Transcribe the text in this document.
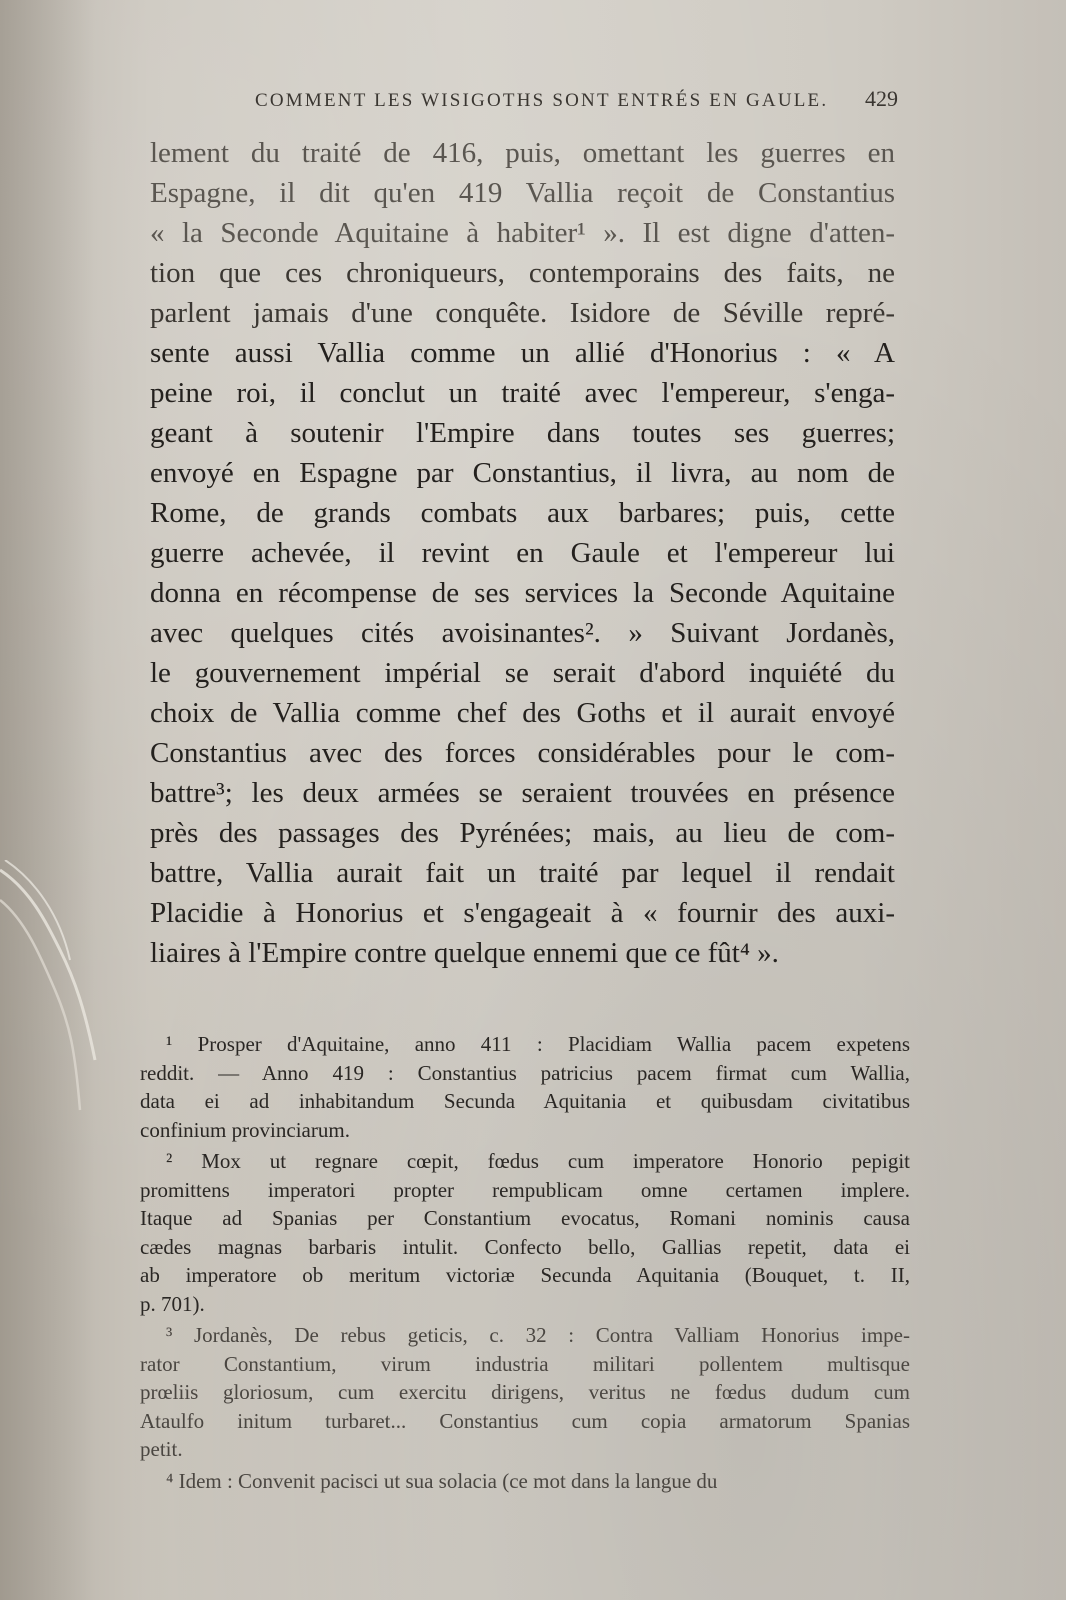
COMMENT LES WISIGOTHS SONT ENTRÉS EN GAULE. 429
lement du traité de 416, puis, omettant les guerres en
Espagne, il dit qu'en 419 Vallia reçoit de Constantius
« la Seconde Aquitaine à habiter¹ ». Il est digne d'atten-
tion que ces chroniqueurs, contemporains des faits, ne
parlent jamais d'une conquête. Isidore de Séville repré-
sente aussi Vallia comme un allié d'Honorius : « A
peine roi, il conclut un traité avec l'empereur, s'enga-
geant à soutenir l'Empire dans toutes ses guerres;
envoyé en Espagne par Constantius, il livra, au nom de
Rome, de grands combats aux barbares; puis, cette
guerre achevée, il revint en Gaule et l'empereur lui
donna en récompense de ses services la Seconde Aquitaine
avec quelques cités avoisinantes². » Suivant Jordanès,
le gouvernement impérial se serait d'abord inquiété du
choix de Vallia comme chef des Goths et il aurait envoyé
Constantius avec des forces considérables pour le com-
battre³; les deux armées se seraient trouvées en présence
près des passages des Pyrénées; mais, au lieu de com-
battre, Vallia aurait fait un traité par lequel il rendait
Placidie à Honorius et s'engageait à « fournir des auxi-
liaires à l'Empire contre quelque ennemi que ce fût⁴ ».
¹ Prosper d'Aquitaine, anno 411 : Placidiam Wallia pacem expetens
reddit. — Anno 419 : Constantius patricius pacem firmat cum Wallia,
data ei ad inhabitandum Secunda Aquitania et quibusdam civitatibus
confinium provinciarum.
² Mox ut regnare cœpit, fœdus cum imperatore Honorio pepigit
promittens imperatori propter rempublicam omne certamen implere.
Itaque ad Spanias per Constantium evocatus, Romani nominis causa
cædes magnas barbaris intulit. Confecto bello, Gallias repetit, data ei
ab imperatore ob meritum victoriæ Secunda Aquitania (Bouquet, t. II,
p. 701).
³ Jordanès, De rebus geticis, c. 32 : Contra Valliam Honorius impe-
rator Constantium, virum industria militari pollentem multisque
prœliis gloriosum, cum exercitu dirigens, veritus ne fœdus dudum cum
Ataulfo initum turbaret... Constantius cum copia armatorum Spanias
petit.
⁴ Idem : Convenit pacisci ut sua solacia (ce mot dans la langue du
